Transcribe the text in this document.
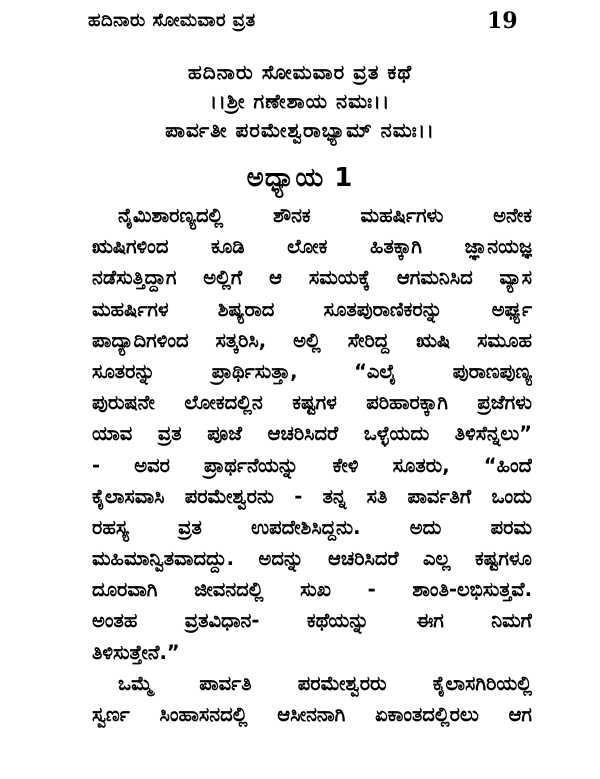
ಹದಿನಾರು ಸೋಮವಾರ ವ್ರತ	19
ಹದಿನಾರು ಸೋಮವಾರ ವ್ರತ ಕಥೆ
।।ಶ್ರೀ ಗಣೇಶಾಯ ನಮಃ।।
ಪಾರ್ವತೀ ಪರಮೇಶ್ವರಾಭ್ಯಾಮ್ ನಮಃ।।
ಅಧ್ಯಾಯ 1
ನೈಮಿಶಾರಣ್ಯದಲ್ಲಿ ಶೌನಕ ಮಹರ್ಷಿಗಳು ಅನೇಕ
ಋಷಿಗಳಿಂದ ಕೂಡಿ ಲೋಕ ಹಿತಕ್ಕಾಗಿ ಜ್ಞಾನಯಜ್ಞ
ನಡೆಸುತ್ತಿದ್ದಾಗ ಅಲ್ಲಿಗೆ ಆ ಸಮಯಕ್ಕೆ ಆಗಮನಿಸಿದ ವ್ಯಾಸ
ಮಹರ್ಷಿಗಳ ಶಿಷ್ಯರಾದ ಸೂತಪುರಾಣಿಕರನ್ನು ಅರ್ಘ್ಯ
ಪಾದ್ಯಾದಿಗಳಿಂದ ಸತ್ಕರಿಸಿ, ಅಲ್ಲಿ ಸೇರಿದ್ದ ಋಷಿ ಸಮೂಹ
ಸೂತರನ್ನು ಪ್ರಾರ್ಥಿಸುತ್ತಾ, “ಎಲೈ ಪುರಾಣಪುಣ್ಯ
ಪುರುಷನೇ ಲೋಕದಲ್ಲಿನ ಕಷ್ಟಗಳ ಪರಿಹಾರಕ್ಕಾಗಿ ಪ್ರಜೆಗಳು
ಯಾವ ವ್ರತ ಪೂಜೆ ಆಚರಿಸಿದರೆ ಒಳ್ಳೆಯದು ತಿಳಿಸೆನ್ನಲು”
- ಅವರ ಪ್ರಾರ್ಥನೆಯನ್ನು ಕೇಳಿ ಸೂತರು, “ಹಿಂದೆ
ಕೈಲಾಸವಾಸಿ ಪರಮೇಶ್ವರನು - ತನ್ನ ಸತಿ ಪಾರ್ವತಿಗೆ ಒಂದು
ರಹಸ್ಯ ವ್ರತ ಉಪದೇಶಿಸಿದ್ದನು. ಅದು ಪರಮ
ಮಹಿಮಾನ್ವಿತವಾದದ್ದು. ಅದನ್ನು ಆಚರಿಸಿದರೆ ಎಲ್ಲ ಕಷ್ಟಗಳೂ
ದೂರವಾಗಿ ಜೀವನದಲ್ಲಿ ಸುಖ - ಶಾಂತಿ-ಲಭಿಸುತ್ತವೆ.
ಅಂತಹ ವ್ರತವಿಧಾನ- ಕಥೆಯನ್ನು ಈಗ ನಿಮಗೆ
ತಿಳಿಸುತ್ತೇನೆ.”
ಒಮ್ಮೆ ಪಾರ್ವತಿ ಪರಮೇಶ್ವರರು ಕೈಲಾಸಗಿರಿಯಲ್ಲಿ
ಸ್ವರ್ಣ ಸಿಂಹಾಸನದಲ್ಲಿ ಆಸೀನನಾಗಿ ಏಕಾಂತದಲ್ಲಿರಲು ಆಗ
